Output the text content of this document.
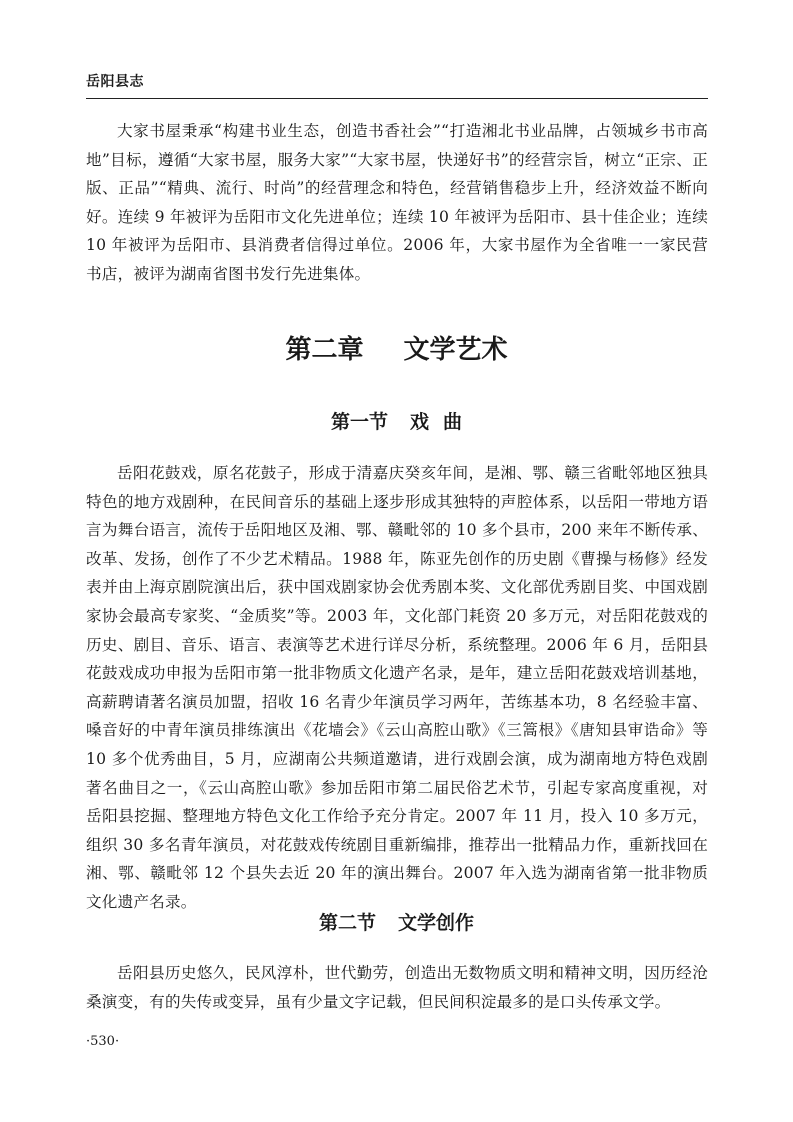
岳阳县志

大家书屋秉承“构建书业生态，创造书香社会”“打造湘北书业品牌，占领城乡书市高地”目标，遵循“大家书屋，服务大家”“大家书屋，快递好书”的经营宗旨，树立“正宗、正版、正品”“精典、流行、时尚”的经营理念和特色，经营销售稳步上升，经济效益不断向好。连续 9 年被评为岳阳市文化先进单位；连续 10 年被评为岳阳市、县十佳企业；连续 10 年被评为岳阳市、县消费者信得过单位。2006 年，大家书屋作为全省唯一一家民营书店，被评为湖南省图书发行先进集体。

第二章 文学艺术
第一节 戏 曲

岳阳花鼓戏，原名花鼓子，形成于清嘉庆癸亥年间，是湘、鄂、赣三省毗邻地区独具特色的地方戏剧种，在民间音乐的基础上逐步形成其独特的声腔体系，以岳阳一带地方语言为舞台语言，流传于岳阳地区及湘、鄂、赣毗邻的 10 多个县市，200 来年不断传承、改革、发扬，创作了不少艺术精品。1988 年，陈亚先创作的历史剧《曹操与杨修》经发表并由上海京剧院演出后，获中国戏剧家协会优秀剧本奖、文化部优秀剧目奖、中国戏剧家协会最高专家奖、“金质奖”等。2003 年，文化部门耗资 20 多万元，对岳阳花鼓戏的历史、剧目、音乐、语言、表演等艺术进行详尽分析，系统整理。2006 年 6 月，岳阳县花鼓戏成功申报为岳阳市第一批非物质文化遗产名录，是年，建立岳阳花鼓戏培训基地，高薪聘请著名演员加盟，招收 16 名青少年演员学习两年，苦练基本功，8 名经验丰富、嗓音好的中青年演员排练演出《花墙会》《云山高腔山歌》《三篙根》《唐知县审诰命》等 10 多个优秀曲目，5 月，应湖南公共频道邀请，进行戏剧会演，成为湖南地方特色戏剧著名曲目之一，《云山高腔山歌》参加岳阳市第二届民俗艺术节，引起专家高度重视，对岳阳县挖掘、整理地方特色文化工作给予充分肯定。2007 年 11 月，投入 10 多万元，组织 30 多名青年演员，对花鼓戏传统剧目重新编排，推荐出一批精品力作，重新找回在湘、鄂、赣毗邻 12 个县失去近 20 年的演出舞台。2007 年入选为湖南省第一批非物质文化遗产名录。

第二节 文学创作

岳阳县历史悠久，民风淳朴，世代勤劳，创造出无数物质文明和精神文明，因历经沧桑演变，有的失传或变异，虽有少量文字记载，但民间积淀最多的是口头传承文学。

·530·
